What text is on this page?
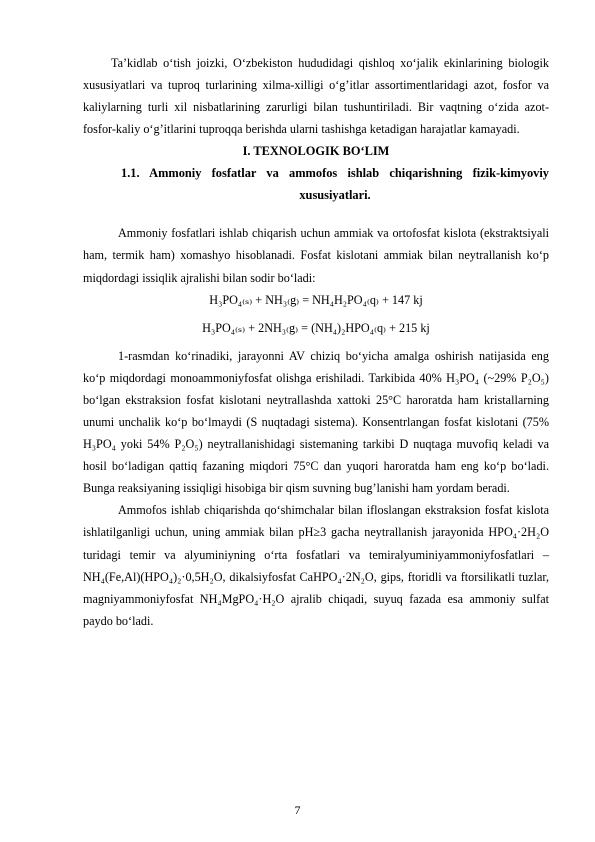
Ta’kidlab o‘tish joizki, O‘zbekiston hududidagi qishloq xo‘jalik ekinlarining biologik xususiyatlari va tuproq turlarining xilma-xilligi o‘g’itlar assortimentlaridagi azot, fosfor va kaliylarning turli xil nisbatlarining zarurligi bilan tushuntiriladi. Bir vaqtning o‘zida azot-fosfor-kaliy o‘g’itlarini tuproqqa berishda ularni tashishga ketadigan harajatlar kamayadi.

I. TEXNOLOGIK BO‘LIM

1.1. Ammoniy fosfatlar va ammofos ishlab chiqarishning fizik-kimyoviy xususiyatlari.

Ammoniy fosfatlari ishlab chiqarish uchun ammiak va ortofosfat kislota (ekstraktsiyali ham, termik ham) xomashyo hisoblanadi. Fosfat kislotani ammiak bilan neytrallanish ko‘p miqdordagi issiqlik ajralishi bilan sodir bo‘ladi:

H₃PO₄₍ₛ₎ + NH₃₍g₎ = NH₄H₂PO₄₍q₎ + 147 kj

H₃PO₄₍ₛ₎ + 2NH₃₍g₎ = (NH₄)₂HPO₄₍q₎ + 215 kj

1-rasmdan ko‘rinadiki, jarayonni AV chiziq bo‘yicha amalga oshirish natijasida eng ko‘p miqdordagi monoammoniyfosfat olishga erishiladi. Tarkibida 40% H₃PO₄ (~29% P₂O₅) bo‘lgan ekstraksion fosfat kislotani neytrallashda xattoki 25°C haroratda ham kristallarning unumi unchalik ko‘p bo‘lmaydi (S nuqtadagi sistema). Konsentrlangan fosfat kislotani (75% H₃PO₄ yoki 54% P₂O₅) neytrallanishidagi sistemaning tarkibi D nuqtaga muvofiq keladi va hosil bo‘ladigan qattiq fazaning miqdori 75°C dan yuqori haroratda ham eng ko‘p bo‘ladi. Bunga reaksiyaning issiqligi hisobiga bir qism suvning bug’lanishi ham yordam beradi.

Ammofos ishlab chiqarishda qo‘shimchalar bilan ifloslangan ekstraksion fosfat kislota ishlatilganligi uchun, uning ammiak bilan pH≥3 gacha neytrallanish jarayonida HPO₄·2H₂O turidagi temir va alyuminiyning o‘rta fosfatlari va temiralyuminiyammoniyfosfatlari – NH₄(Fe,Al)(HPO₄)₂·0,5H₂O, dikalsiyfosfat CaHPO₄·2N₂O, gips, ftoridli va ftorsilikatli tuzlar, magniyammoniyfosfat NH₄MgPO₄·H₂O ajralib chiqadi, suyuq fazada esa ammoniy sulfat paydo bo‘ladi.

7
